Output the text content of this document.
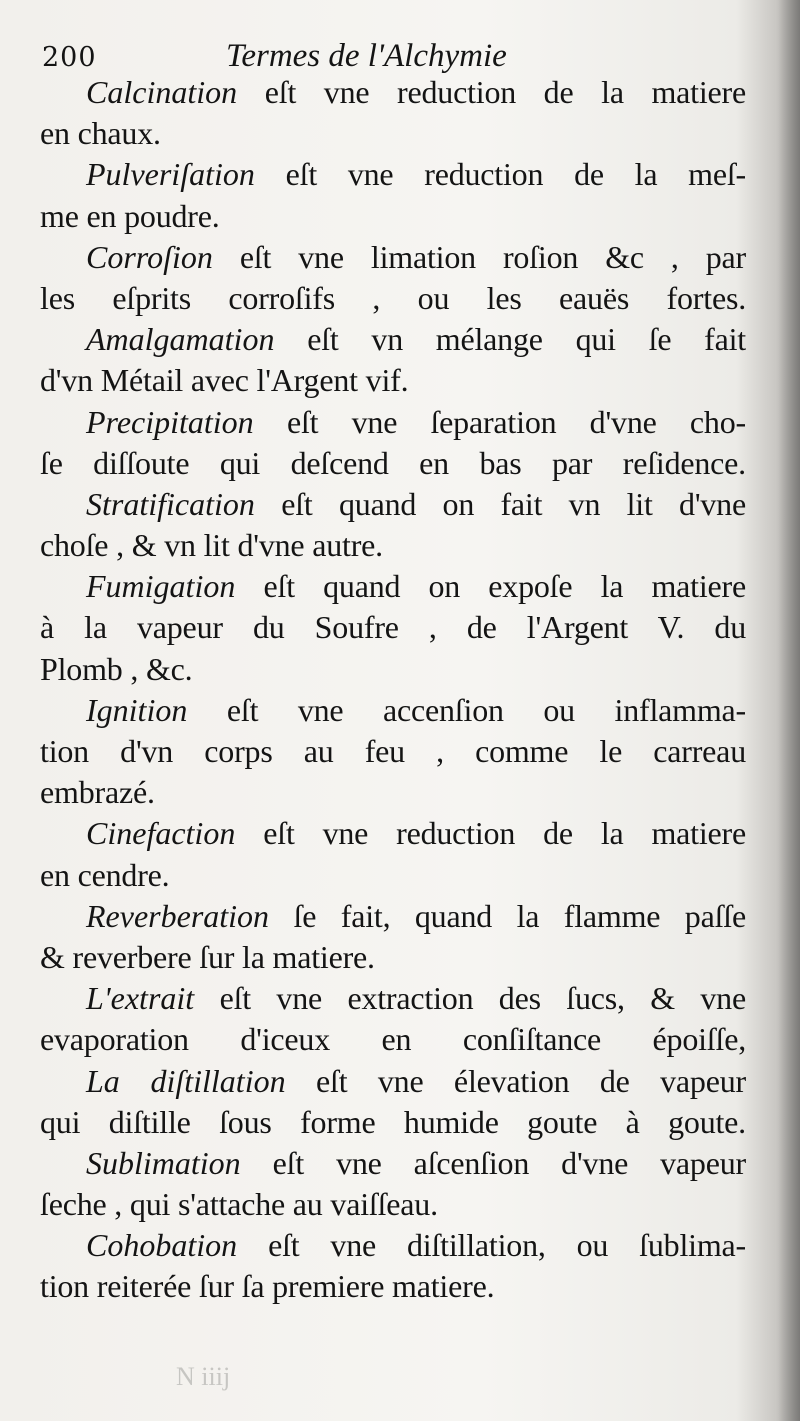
200	Termes de l'Alchymie
Calcination eſt vne reduction de la matiere
en chaux.
Pulveriſation eſt vne reduction de la meſ-
me en poudre.
Corroſion eſt vne limation roſion &c , par
les eſprits corroſifs , ou les eauës fortes.
Amalgamation eſt vn mélange qui ſe fait
d'vn Métail avec l'Argent vif.
Precipitation eſt vne ſeparation d'vne cho-
ſe diſſoute qui deſcend en bas par reſidence.
Stratification eſt quand on fait vn lit d'vne
choſe , & vn lit d'vne autre.
Fumigation eſt quand on expoſe la matiere
à la vapeur du Soufre , de l'Argent V. du
Plomb , &c.
Ignition eſt vne accenſion ou inflamma-
tion d'vn corps au feu , comme le carreau
embrazé.
Cinefaction eſt vne reduction de la matiere
en cendre.
Reverberation ſe fait, quand la flamme paſſe
& reverbere ſur la matiere.
L'extrait eſt vne extraction des ſucs, & vne
evaporation d'iceux en conſiſtance époiſſe,
La diſtillation eſt vne élevation de vapeur
qui diſtille ſous forme humide goute à goute.
Sublimation eſt vne aſcenſion d'vne vapeur
ſeche , qui s'attache au vaiſſeau.
Cohobation eſt vne diſtillation, ou ſublima-
tion reiterée ſur ſa premiere matiere.
N iiij
